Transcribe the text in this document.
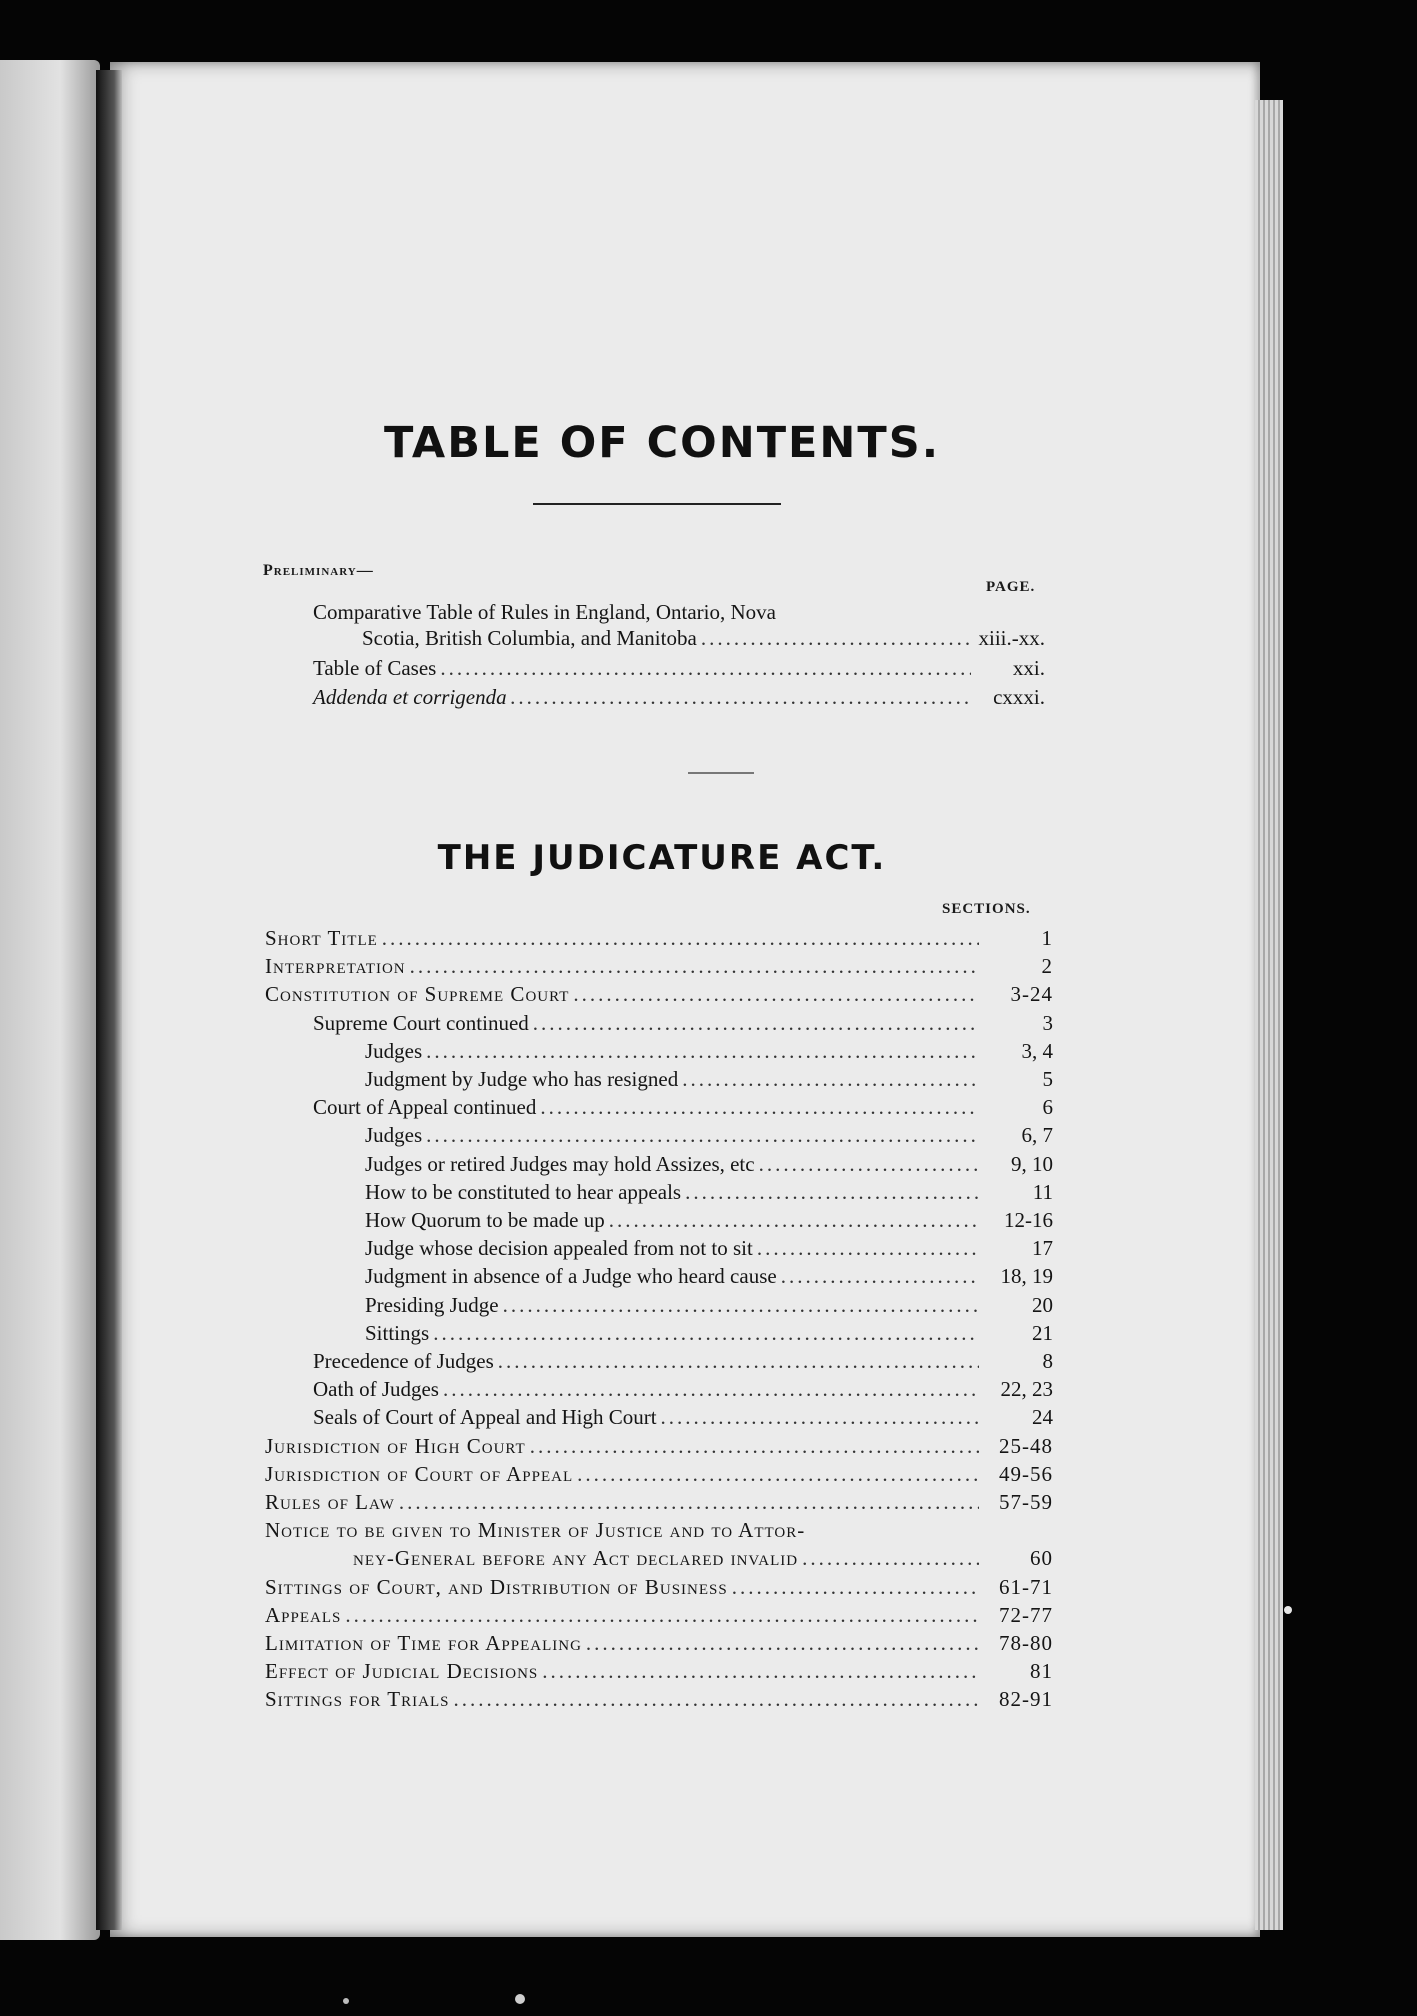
TABLE OF CONTENTS.
Preliminary—
PAGE.
Comparative Table of Rules in England, Ontario, Nova
Scotia, British Columbia, and Manitoba .....	xiii.-xx.
Table of Cases .....	xxi.
Addenda et corrigenda .....	cxxxi.
THE JUDICATURE ACT.
SECTIONS.
Short Title .....	1
Interpretation .....	2
Constitution of Supreme Court .....	3-24
Supreme Court continued .....	3
Judges .....	3, 4
Judgment by Judge who has resigned .....	5
Court of Appeal continued .....	6
Judges .....	6, 7
Judges or retired Judges may hold Assizes, etc .....	9, 10
How to be constituted to hear appeals .....	11
How Quorum to be made up .....	12-16
Judge whose decision appealed from not to sit .....	17
Judgment in absence of a Judge who heard cause .....	18, 19
Presiding Judge .....	20
Sittings .....	21
Precedence of Judges .....	8
Oath of Judges .....	22, 23
Seals of Court of Appeal and High Court .....	24
Jurisdiction of High Court .....	25-48
Jurisdiction of Court of Appeal .....	49-56
Rules of Law .....	57-59
Notice to be given to Minister of Justice and to Attor-
ney-General before any Act declared invalid .....	60
Sittings of Court, and Distribution of Business .....	61-71
Appeals .....	72-77
Limitation of Time for Appealing .....	78-80
Effect of Judicial Decisions .....	81
Sittings for Trials .....	82-91
